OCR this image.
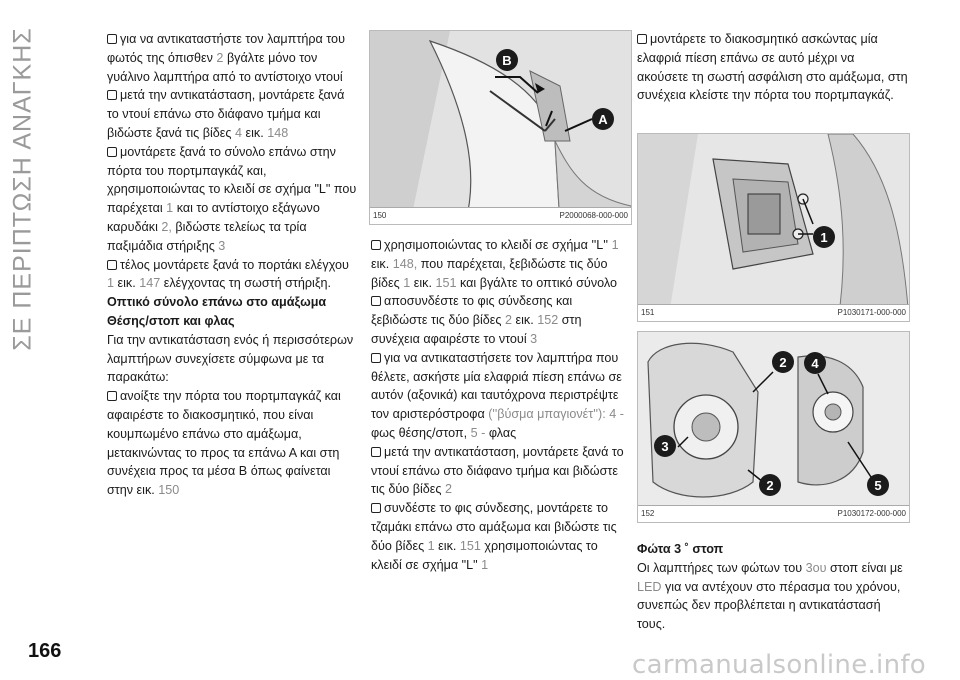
ΣΕ ΠΕΡΙΠΤΩΣΗ ΑΝΑΓΚΗΣ	για να αντικαταστήστε τον λαμπτήρα του φωτός της όπισθεν 2 βγάλτε μόνο τον γυάλινο λαμπτήρα από το αντίστοιχο ντουί
μετά την αντικατάσταση, μοντάρετε ξανά το ντουί επάνω στο διάφανο τμήμα και βιδώστε ξανά τις βίδες 4 εικ. 148
μοντάρετε ξανά το σύνολο επάνω στην πόρτα του πορτμπαγκάζ και, χρησιμοποιώντας το κλειδί σε σχήμα "L" που παρέχεται 1 και το αντίστοιχο εξάγωνο καρυδάκι 2, βιδώστε τελείως τα τρία παξιμάδια στήριξης 3
τέλος μοντάρετε ξανά το πορτάκι ελέγχου 1 εικ. 147 ελέγχοντας τη σωστή στήριξη.

Οπτικό σύνολο επάνω στο αμάξωμα

Θέσης/στοπ και φλας

Για την αντικατάσταση ενός ή περισσότερων λαμπτήρων συνεχίσετε σύμφωνα με τα παρακάτω:

ανοίξτε την πόρτα του πορτμπαγκάζ και αφαιρέστε το διακοσμητικό, που είναι κουμπωμένο επάνω στο αμάξωμα, μετακινώντας το προς τα επάνω Α και στη συνέχεια προς τα μέσα Β όπως φαίνεται στην εικ. 150
B
A
150	P2000068-000-000
χρησιμοποιώντας το κλειδί σε σχήμα ''L'' 1 εικ. 148, που παρέχεται, ξεβιδώστε τις δύο βίδες 1 εικ. 151 και βγάλτε το οπτικό σύνολο
αποσυνδέστε το φις σύνδεσης και ξεβιδώστε τις δύο βίδες 2 εικ. 152 στη συνέχεια αφαιρέστε το ντουί 3
για να αντικαταστήσετε τον λαμπτήρα που θέλετε, ασκήστε μία ελαφριά πίεση επάνω σε αυτόν (αξονικά) και ταυτόχρονα περιστρέψτε τον αριστερόστροφα (''βύσμα μπαγιονέτ''): 4 - φως θέσης/στοπ, 5 - φλας
μετά την αντικατάσταση, μοντάρετε ξανά το ντουί επάνω στο διάφανο τμήμα και βιδώστε τις δύο βίδες 2
συνδέστε το φις σύνδεσης, μοντάρετε το τζαμάκι επάνω στο αμάξωμα και βιδώστε τις δύο βίδες 1 εικ. 151 χρησιμοποιώντας το κλειδί σε σχήμα "L" 1
μοντάρετε το διακοσμητικό ασκώντας μία ελαφριά πίεση επάνω σε αυτό μέχρι να ακούσετε τη σωστή ασφάλιση στο αμάξωμα, στη συνέχεια κλείστε την πόρτα του πορτμπαγκάζ.
1
151	P1030171-000-000
2 4
3
2	5
152	P1030172-000-000

Φώτα 3 ˚ στοπ

Οι λαμπτήρες των φώτων του 3ου στοπ είναι με LED για να αντέχουν στο πέρασμα του χρόνου, συνεπώς δεν προβλέπεται η αντικατάστασή τους.

166	carmanualsonline.info
